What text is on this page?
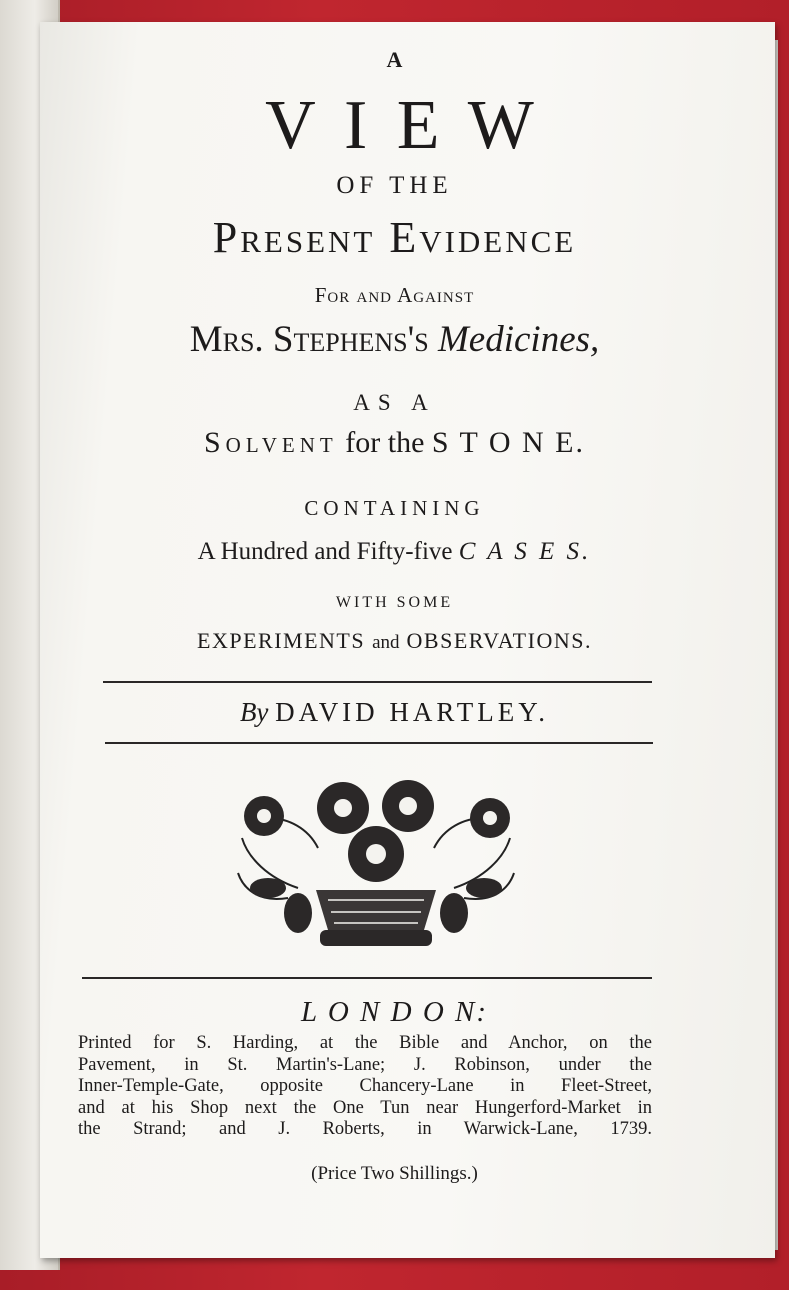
A
V I E W
OF THE
Present Evidence
For and Against
Mrs. Stephens's Medicines,
AS A
Solvent for the S T O N E.
CONTAINING
A Hundred and Fifty-five C A S E S.
WITH SOME
EXPERIMENTS and OBSERVATIONS.
By DAVID HARTLEY.
L O N D O N:
Printed for S. Harding, at the Bible and Anchor, on the
Pavement, in St. Martin's-Lane; J. Robinson, under the
Inner-Temple-Gate, opposite Chancery-Lane in Fleet-Street,
and at his Shop next the One Tun near Hungerford-Market in
the Strand; and J. Roberts, in Warwick-Lane, 1739.
(Price Two Shillings.)
